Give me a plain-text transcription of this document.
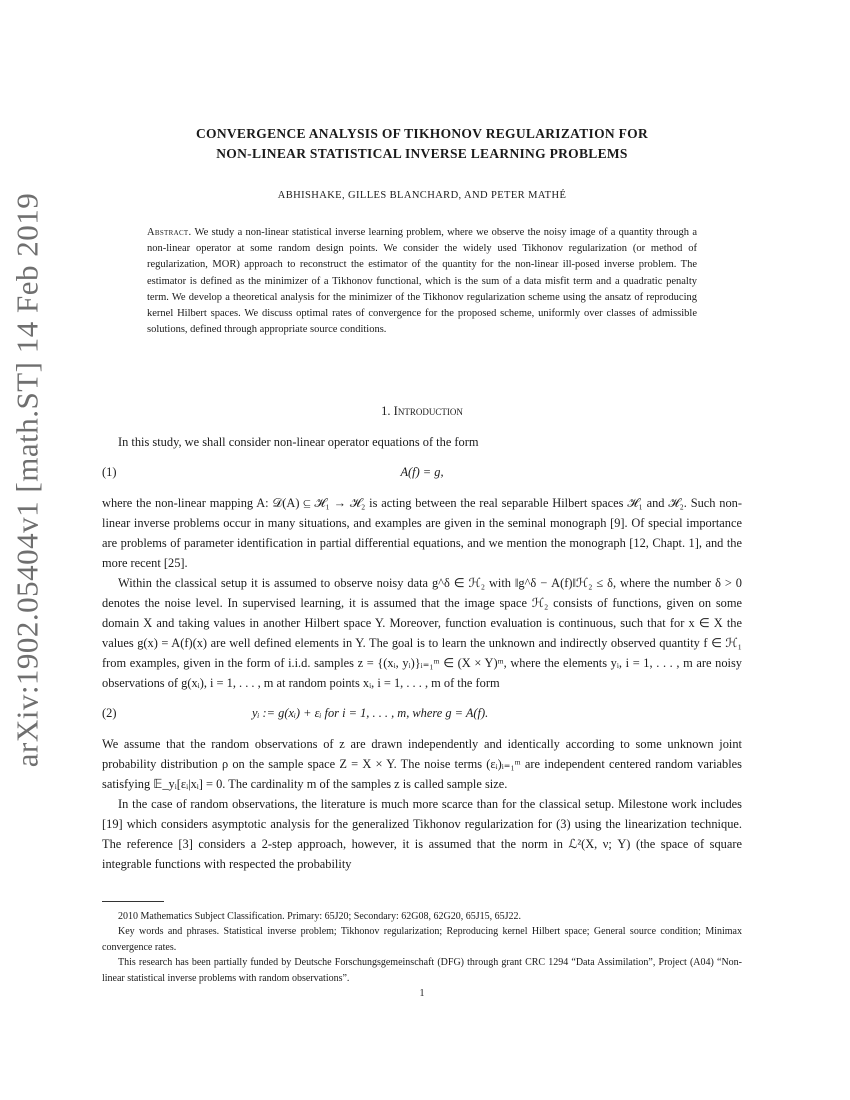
arXiv:1902.05404v1 [math.ST] 14 Feb 2019
CONVERGENCE ANALYSIS OF TIKHONOV REGULARIZATION FOR
NON-LINEAR STATISTICAL INVERSE LEARNING PROBLEMS
ABHISHAKE, GILLES BLANCHARD, AND PETER MATHÉ
Abstract. We study a non-linear statistical inverse learning problem, where we observe the noisy image of a quantity through a non-linear operator at some random design points. We consider the widely used Tikhonov regularization (or method of regularization, MOR) approach to reconstruct the estimator of the quantity for the non-linear ill-posed inverse problem. The estimator is defined as the minimizer of a Tikhonov functional, which is the sum of a data misfit term and a quadratic penalty term. We develop a theoretical analysis for the minimizer of the Tikhonov regularization scheme using the ansatz of reproducing kernel Hilbert spaces. We discuss optimal rates of convergence for the proposed scheme, uniformly over classes of admissible solutions, defined through appropriate source conditions.
1. Introduction

In this study, we shall consider non-linear operator equations of the form

(1)	A(f) = g,

where the non-linear mapping A: 𝒟(A) ⊆ ℋ₁ → ℋ₂ is acting between the real separable Hilbert spaces ℋ₁ and ℋ₂. Such non-linear inverse problems occur in many situations, and examples are given in the seminal monograph [9]. Of special importance are problems of parameter identification in partial differential equations, and we mention the monograph [12, Chapt. 1], and the more recent [25].

Within the classical setup it is assumed to observe noisy data g^δ ∈ ℋ₂ with ‖g^δ − A(f)‖ℋ₂ ≤ δ, where the number δ > 0 denotes the noise level. In supervised learning, it is assumed that the image space ℋ₂ consists of functions, given on some domain X and taking values in another Hilbert space Y. Moreover, function evaluation is continuous, such that for x ∈ X the values g(x) = A(f)(x) are well defined elements in Y. The goal is to learn the unknown and indirectly observed quantity f ∈ ℋ₁ from examples, given in the form of i.i.d. samples z = {(xᵢ, yᵢ)}ᵢ₌₁ᵐ ∈ (X × Y)ᵐ, where the elements yᵢ, i = 1, . . . , m are noisy observations of g(xᵢ), i = 1, . . . , m at random points xᵢ, i = 1, . . . , m of the form

(2)	yᵢ := g(xᵢ) + εᵢ for i = 1, . . . , m, where g = A(f).

We assume that the random observations of z are drawn independently and identically according to some unknown joint probability distribution ρ on the sample space Z = X × Y. The noise terms (εᵢ)ᵢ₌₁ᵐ are independent centered random variables satisfying 𝔼_yᵢ[εᵢ|xᵢ] = 0. The cardinality m of the samples z is called sample size.

In the case of random observations, the literature is much more scarce than for the classical setup. Milestone work includes [19] which considers asymptotic analysis for the generalized Tikhonov regularization for (3) using the linearization technique. The reference [3] considers a 2-step approach, however, it is assumed that the norm in ℒ²(X, ν; Y) (the space of square integrable functions with respected the probability

2010 Mathematics Subject Classification. Primary: 65J20; Secondary: 62G08, 62G20, 65J15, 65J22.

Key words and phrases. Statistical inverse problem; Tikhonov regularization; Reproducing kernel Hilbert space; General source condition; Minimax convergence rates.

This research has been partially funded by Deutsche Forschungsgemeinschaft (DFG) through grant CRC 1294 “Data Assimilation”, Project (A04) “Non-linear statistical inverse problems with random observations”.

1
